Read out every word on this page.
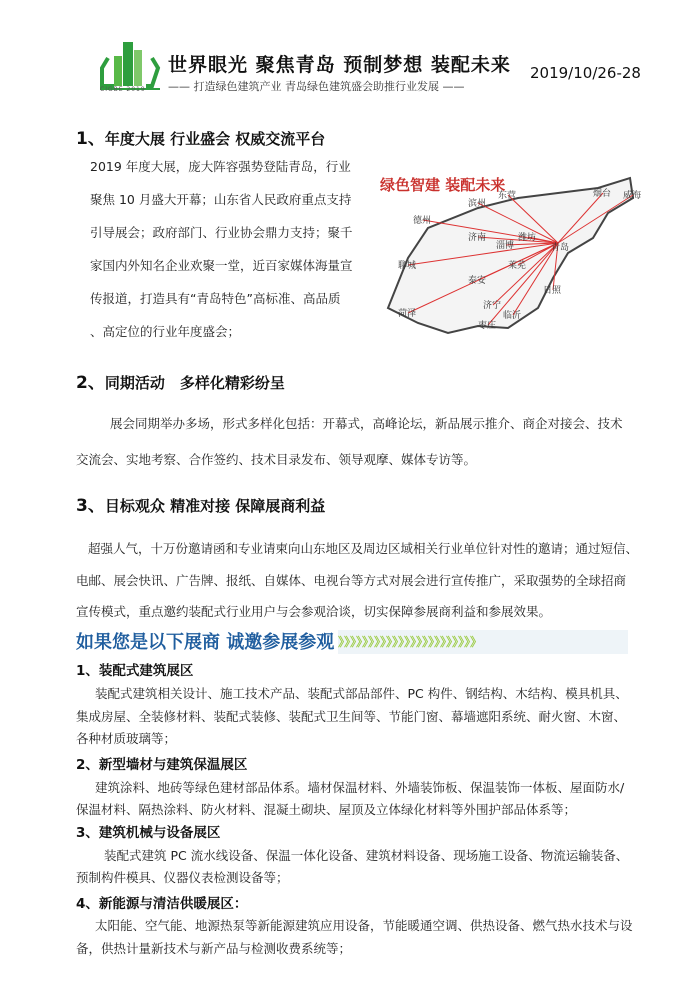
CIGBE 2019
世界眼光 聚焦青岛 预制梦想 装配未来
—— 打造绿色建筑产业 青岛绿色建筑盛会助推行业发展 ——
2019/10/26-28
1、年度大展 行业盛会 权威交流平台
绿色智建 装配未来
东营
滨州
烟台 威海
德州
济南
淄博
潍坊
青岛
聊城	莱芜
泰安
日照
济宁
临沂
菏泽
枣庄
2、同期活动　多样化精彩纷呈
展会同期举办多场，形式多样化包括：开幕式，高峰论坛，新品展示推介、商企对接会、技术
交流会、实地考察、合作签约、技术目录发布、领导观摩、媒体专访等。
3、目标观众 精准对接 保障展商利益
超强人气，十万份邀请函和专业请柬向山东地区及周边区域相关行业单位针对性的邀请；通过短信、
电邮、展会快讯、广告牌、报纸、自媒体、电视台等方式对展会进行宣传推广，采取强势的全球招商
宣传模式，重点邀约装配式行业用户与会参观洽谈，切实保障参展商利益和参展效果。
》》》》》》》》》》》》》》》》》》》》》》》
如果您是以下展商 诚邀参展参观
2019 年度大展，庞大阵容强势登陆青岛，行业
聚焦 10 月盛大开幕；山东省人民政府重点支持
引导展会；政府部门、行业协会鼎力支持；聚千
家国内外知名企业欢聚一堂，近百家媒体海量宣
传报道，打造具有“青岛特色”高标准、高品质
、高定位的行业年度盛会；
1、装配式建筑展区
装配式建筑相关设计、施工技术产品、装配式部品部件、PC 构件、钢结构、木结构、模具机具、
集成房屋、全装修材料、装配式装修、装配式卫生间等、节能门窗、幕墙遮阳系统、耐火窗、木窗、
各种材质玻璃等；
2、新型墙材与建筑保温展区
建筑涂料、地砖等绿色建材部品体系。墙材保温材料、外墙装饰板、保温装饰一体板、屋面防水/
保温材料、隔热涂料、防火材料、混凝土砌块、屋顶及立体绿化材料等外围护部品体系等；
3、建筑机械与设备展区
装配式建筑 PC 流水线设备、保温一体化设备、建筑材料设备、现场施工设备、物流运输装备、
预制构件模具、仪器仪表检测设备等；
4、新能源与清洁供暖展区：
太阳能、空气能、地源热泵等新能源建筑应用设备，节能暖通空调、供热设备、燃气热水技术与设
备，供热计量新技术与新产品与检测收费系统等；
